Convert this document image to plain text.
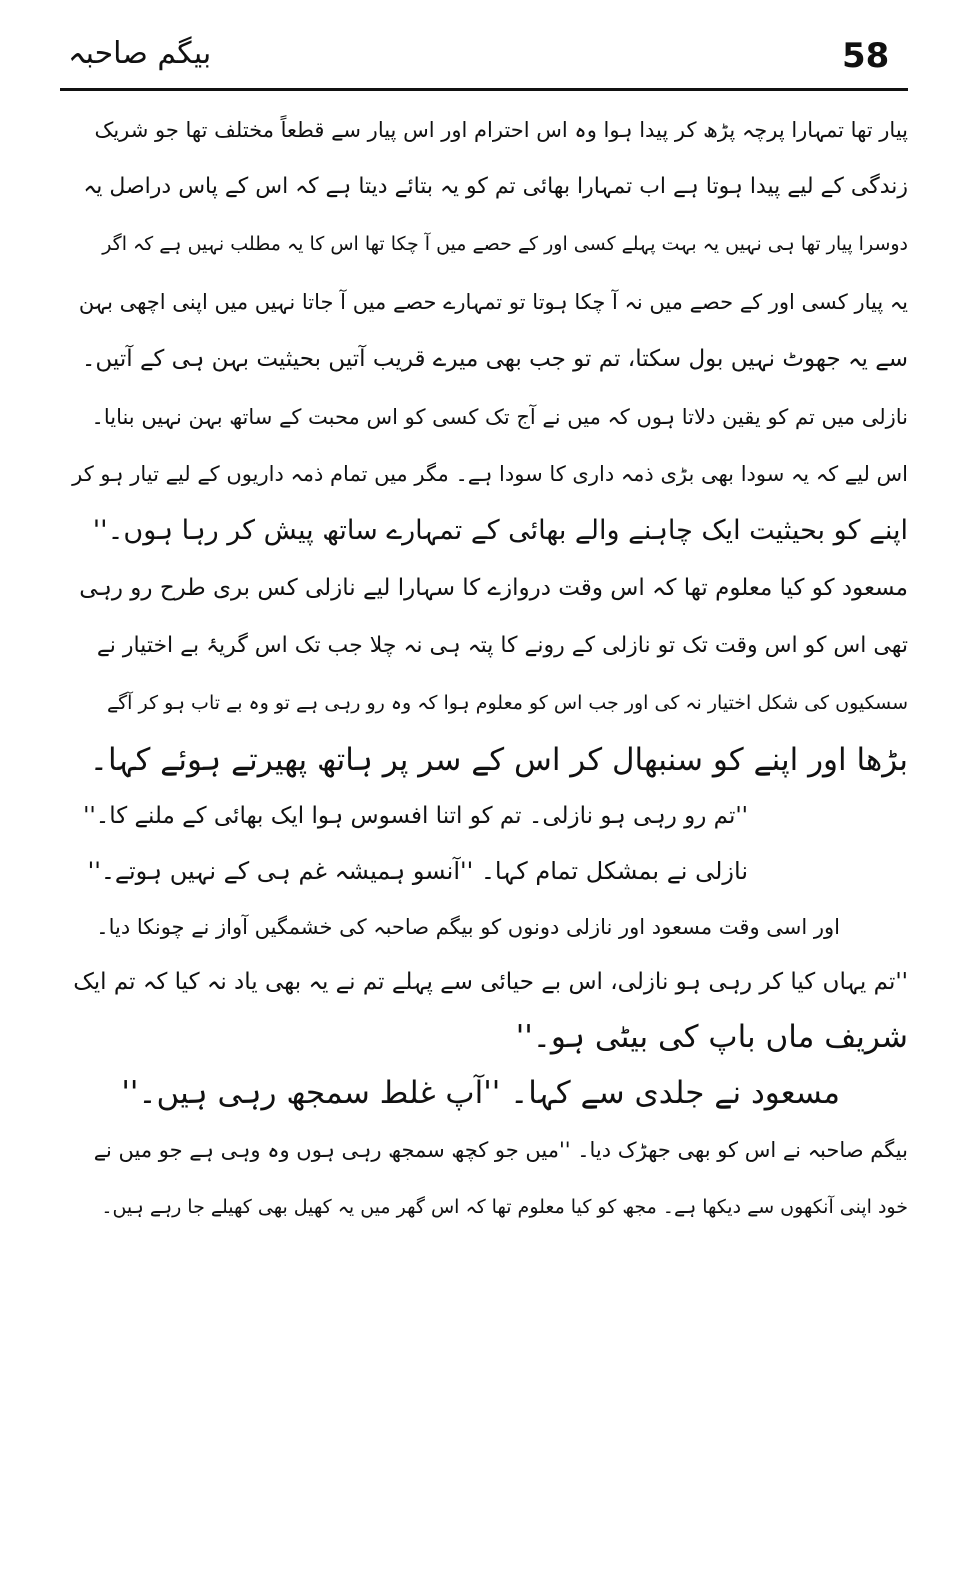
58
بیگم صاحبہ
پیار تھا تمہارا پرچہ پڑھ کر پیدا ہوا وہ اس احترام اور اس پیار سے قطعاً مختلف تھا جو شریک
زندگی کے لیے پیدا ہوتا ہے اب تمہارا بھائی تم کو یہ بتائے دیتا ہے کہ اس کے پاس دراصل یہ
دوسرا پیار تھا ہی نہیں یہ بہت پہلے کسی اور کے حصے میں آ چکا تھا اس کا یہ مطلب نہیں ہے کہ اگر
یہ پیار کسی اور کے حصے میں نہ آ چکا ہوتا تو تمہارے حصے میں آ جاتا نہیں میں اپنی اچھی بہن
سے یہ جھوٹ نہیں بول سکتا، تم تو جب بھی میرے قریب آتیں بحیثیت بہن ہی کے آتیں۔
نازلی میں تم کو یقین دلاتا ہوں کہ میں نے آج تک کسی کو اس محبت کے ساتھ بہن نہیں بنایا۔
اس لیے کہ یہ سودا بھی بڑی ذمہ داری کا سودا ہے۔ مگر میں تمام ذمہ داریوں کے لیے تیار ہو کر
اپنے کو بحیثیت ایک چاہنے والے بھائی کے تمہارے ساتھ پیش کر رہا ہوں۔''
مسعود کو کیا معلوم تھا کہ اس وقت دروازے کا سہارا لیے نازلی کس بری طرح رو رہی
تھی اس کو اس وقت تک تو نازلی کے رونے کا پتہ ہی نہ چلا جب تک اس گریۂ بے اختیار نے
سسکیوں کی شکل اختیار نہ کی اور جب اس کو معلوم ہوا کہ وہ رو رہی ہے تو وہ بے تاب ہو کر آگے
بڑھا اور اپنے کو سنبھال کر اس کے سر پر ہاتھ پھیرتے ہوئے کہا۔
''تم رو رہی ہو نازلی۔ تم کو اتنا افسوس ہوا ایک بھائی کے ملنے کا۔''
نازلی نے بمشکل تمام کہا۔ ''آنسو ہمیشہ غم ہی کے نہیں ہوتے۔''
اور اسی وقت مسعود اور نازلی دونوں کو بیگم صاحبہ کی خشمگیں آواز نے چونکا دیا۔
''تم یہاں کیا کر رہی ہو نازلی، اس بے حیائی سے پہلے تم نے یہ بھی یاد نہ کیا کہ تم ایک
شریف ماں باپ کی بیٹی ہو۔''
مسعود نے جلدی سے کہا۔ ''آپ غلط سمجھ رہی ہیں۔''
بیگم صاحبہ نے اس کو بھی جھڑک دیا۔ ''میں جو کچھ سمجھ رہی ہوں وہ وہی ہے جو میں نے
خود اپنی آنکھوں سے دیکھا ہے۔ مجھ کو کیا معلوم تھا کہ اس گھر میں یہ کھیل بھی کھیلے جا رہے ہیں۔
